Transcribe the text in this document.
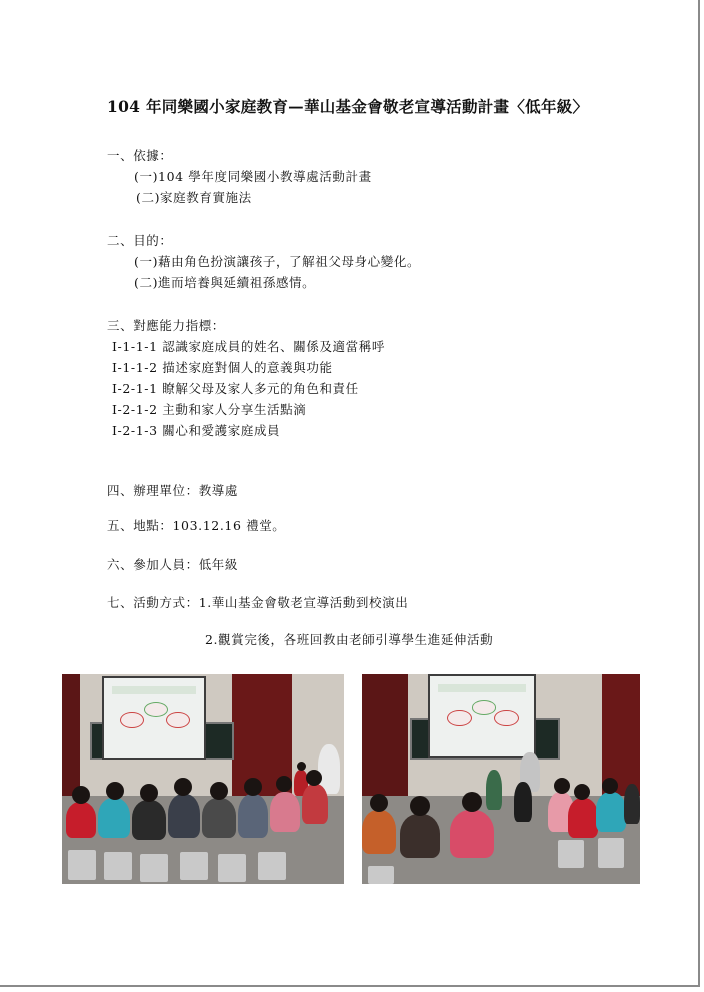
104 年同樂國小家庭教育—華山基金會敬老宣導活動計畫〈低年級〉
一、依據：
(一)104 學年度同樂國小教導處活動計畫
(二)家庭教育實施法
二、目的：
(一)藉由角色扮演讓孩子，了解祖父母身心變化。
(二)進而培養與延續祖孫感情。
三、對應能力指標：
I-1-1-1 認識家庭成員的姓名、關係及適當稱呼
I-1-1-2 描述家庭對個人的意義與功能
I-2-1-1 瞭解父母及家人多元的角色和責任
I-2-1-2 主動和家人分享生活點滴
I-2-1-3 關心和愛護家庭成員
四、辦理單位：教導處
五、地點：103.12.16 禮堂。
六、參加人員：低年級
七、活動方式：1.華山基金會敬老宣導活動到校演出
2.觀賞完後，各班回教由老師引導學生進延伸活動
